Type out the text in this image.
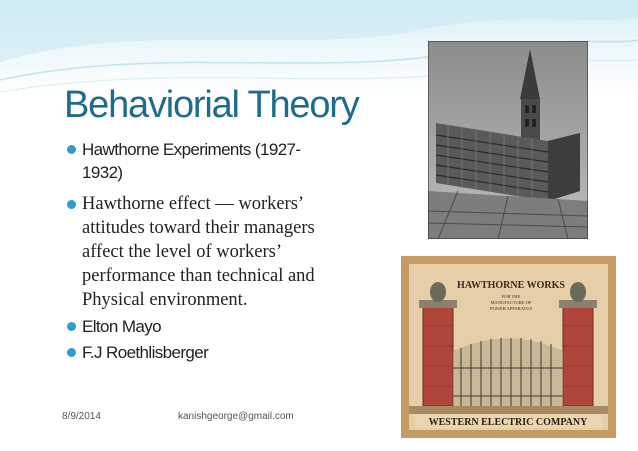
Behaviorial Theory
Hawthorne Experiments (1927-
1932)
Hawthorne effect — workers’
attitudes toward their managers
affect the level of workers’
performance than technical and
Physical environment.
Elton Mayo
F.J Roethlisberger
HAWTHORNE WORKS
FOR THE
MANUFACTURE OF
POWER APPARATUS
WESTERN ELECTRIC COMPANY
8/9/2014	kanishgeorge@gmail.com
